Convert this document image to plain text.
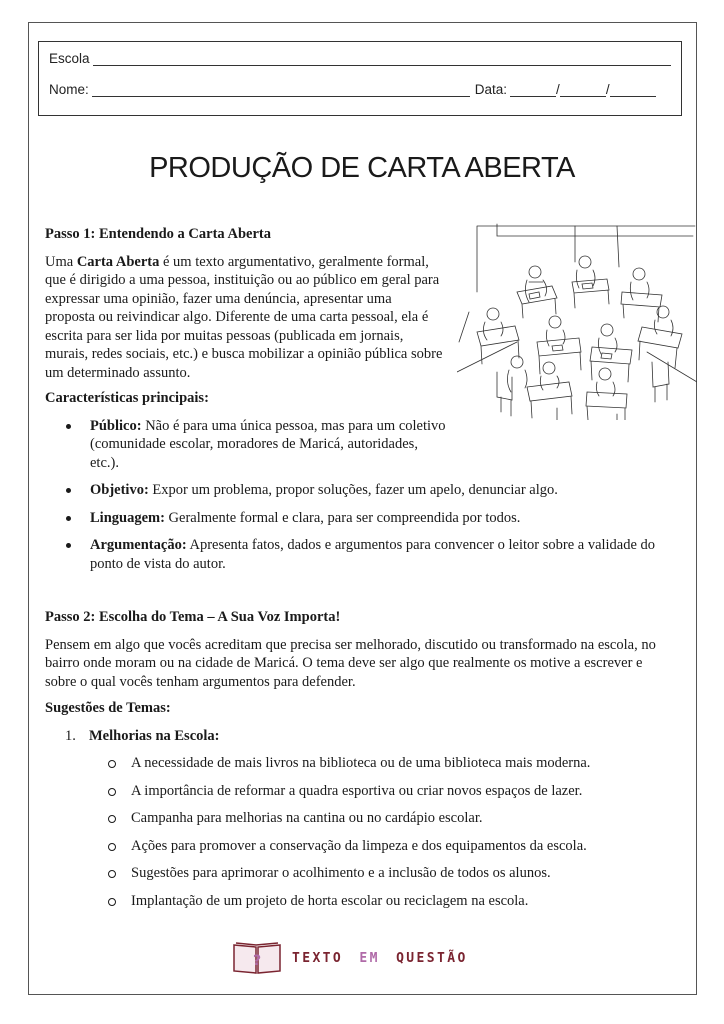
Escola
Nome:	Data:	/	/
PRODUÇÃO DE CARTA ABERTA

Passo 1: Entendendo a Carta Aberta

Uma Carta Aberta é um texto argumentativo, geralmente formal,

que é dirigido a uma pessoa, instituição ou ao público em geral para

expressar uma opinião, fazer uma denúncia, apresentar uma

proposta ou reivindicar algo. Diferente de uma carta pessoal, ela é

escrita para ser lida por muitas pessoas (publicada em jornais,

murais, redes sociais, etc.) e busca mobilizar a opinião pública sobre

um determinado assunto.

Características principais:

Público: Não é para uma única pessoa, mas para um coletivo

(comunidade escolar, moradores de Maricá, autoridades,

etc.).

Objetivo: Expor um problema, propor soluções, fazer um apelo, denunciar algo.

Linguagem: Geralmente formal e clara, para ser compreendida por todos.

Argumentação: Apresenta fatos, dados e argumentos para convencer o leitor sobre a validade do

ponto de vista do autor.

Passo 2: Escolha do Tema – A Sua Voz Importa!

Pensem em algo que vocês acreditam que precisa ser melhorado, discutido ou transformado na escola, no

bairro onde moram ou na cidade de Maricá. O tema deve ser algo que realmente os motive a escrever e

sobre o qual vocês tenham argumentos para defender.

Sugestões de Temas:

1. Melhorias na Escola:
A necessidade de mais livros na biblioteca ou de uma biblioteca mais moderna.
A importância de reformar a quadra esportiva ou criar novos espaços de lazer.
Campanha para melhorias na cantina ou no cardápio escolar.
Ações para promover a conservação da limpeza e dos equipamentos da escola.
Sugestões para aprimorar o acolhimento e a inclusão de todos os alunos.
Implantação de um projeto de horta escolar ou reciclagem na escola.
? TEXTO EM QUESTÃO
